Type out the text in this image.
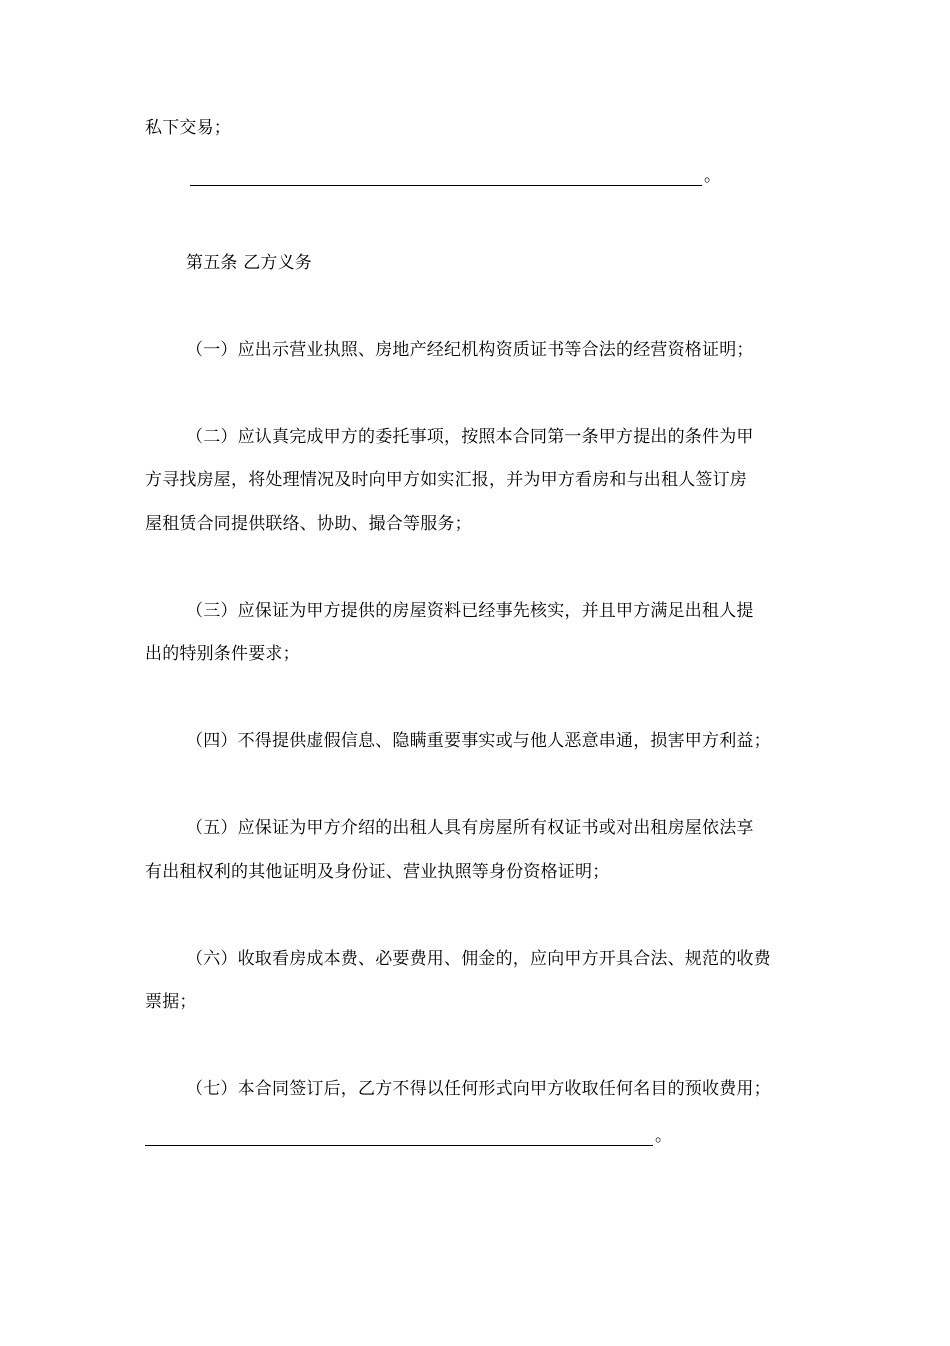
私下交易；
。
第五条 乙方义务
（一）应出示营业执照、房地产经纪机构资质证书等合法的经营资格证明；
（二）应认真完成甲方的委托事项，按照本合同第一条甲方提出的条件为甲
方寻找房屋，将处理情况及时向甲方如实汇报，并为甲方看房和与出租人签订房
屋租赁合同提供联络、协助、撮合等服务；
（三）应保证为甲方提供的房屋资料已经事先核实，并且甲方满足出租人提
出的特别条件要求；
（四）不得提供虚假信息、隐瞒重要事实或与他人恶意串通，损害甲方利益；
（五）应保证为甲方介绍的出租人具有房屋所有权证书或对出租房屋依法享
有出租权利的其他证明及身份证、营业执照等身份资格证明；
（六）收取看房成本费、必要费用、佣金的，应向甲方开具合法、规范的收费
票据；
（七）本合同签订后，乙方不得以任何形式向甲方收取任何名目的预收费用；
。
